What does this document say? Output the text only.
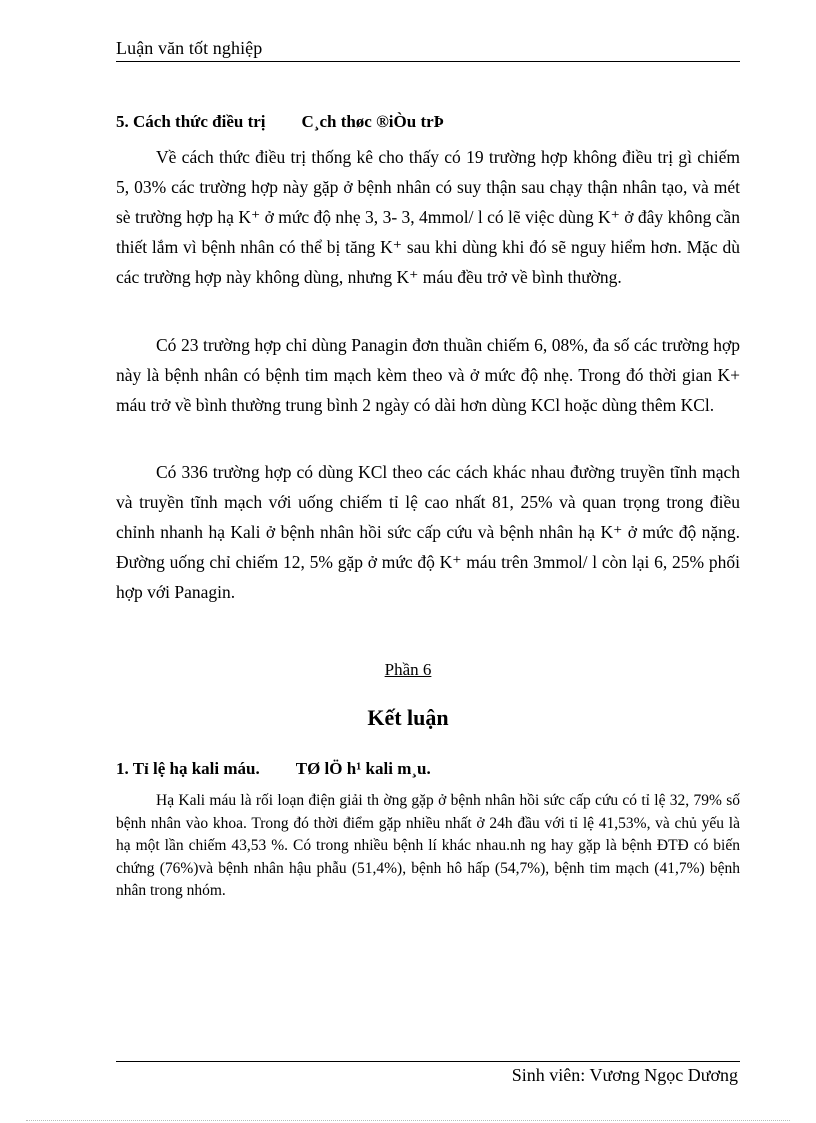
Luận văn tốt nghiệp
5. Cách thức điều trị C¸ch thøc ®iÒu trÞ

Về cách thức điều trị thống kê cho thấy có 19 trường hợp không điều trị gì chiếm 5, 03% các trường hợp này gặp ở bệnh nhân có suy thận sau chạy thận nhân tạo, và mét sè trường hợp hạ K⁺ ở mức độ nhẹ 3, 3- 3, 4mmol/ l có lẽ việc dùng K⁺ ở đây không cần thiết lắm vì bệnh nhân có thể bị tăng K⁺ sau khi dùng khi đó sẽ nguy hiểm hơn. Mặc dù các trường hợp này không dùng, nhưng K⁺ máu đều trở về bình thường.

Có 23 trường hợp chỉ dùng Panagin đơn thuần chiếm 6, 08%, đa số các trường hợp này là bệnh nhân có bệnh tim mạch kèm theo và ở mức độ nhẹ. Trong đó thời gian K+ máu trở về bình thường trung bình 2 ngày có dài hơn dùng KCl hoặc dùng thêm KCl.

Có 336 trường hợp có dùng KCl theo các cách khác nhau đường truyền tĩnh mạch và truyền tĩnh mạch với uống chiếm tỉ lệ cao nhất 81, 25% và quan trọng trong điều chỉnh nhanh hạ Kali ở bệnh nhân hồi sức cấp cứu và bệnh nhân hạ K⁺ ở mức độ nặng. Đường uống chỉ chiếm 12, 5% gặp ở mức độ K⁺ máu trên 3mmol/ l còn lại 6, 25% phối hợp với Panagin.

Phần 6
Kết luận
1. Tỉ lệ hạ kali máu. TØ lÖ h¹ kali m¸u.

Hạ Kali máu là rối loạn điện giải th ờng gặp ở bệnh nhân hồi sức cấp cứu có tỉ lệ 32, 79% số bệnh nhân vào khoa. Trong đó thời điểm gặp nhiều nhất ở 24h đầu với tỉ lệ 41,53%, và chủ yếu là hạ một lần chiếm 43,53 %. Có trong nhiều bệnh lí khác nhau.nh ng hay gặp là bệnh ĐTĐ có biến chứng (76%)và bệnh nhân hậu phẫu (51,4%), bệnh hô hấp (54,7%), bệnh tim mạch (41,7%) bệnh nhân trong nhóm.

Sinh viên: Vương Ngọc Dương
